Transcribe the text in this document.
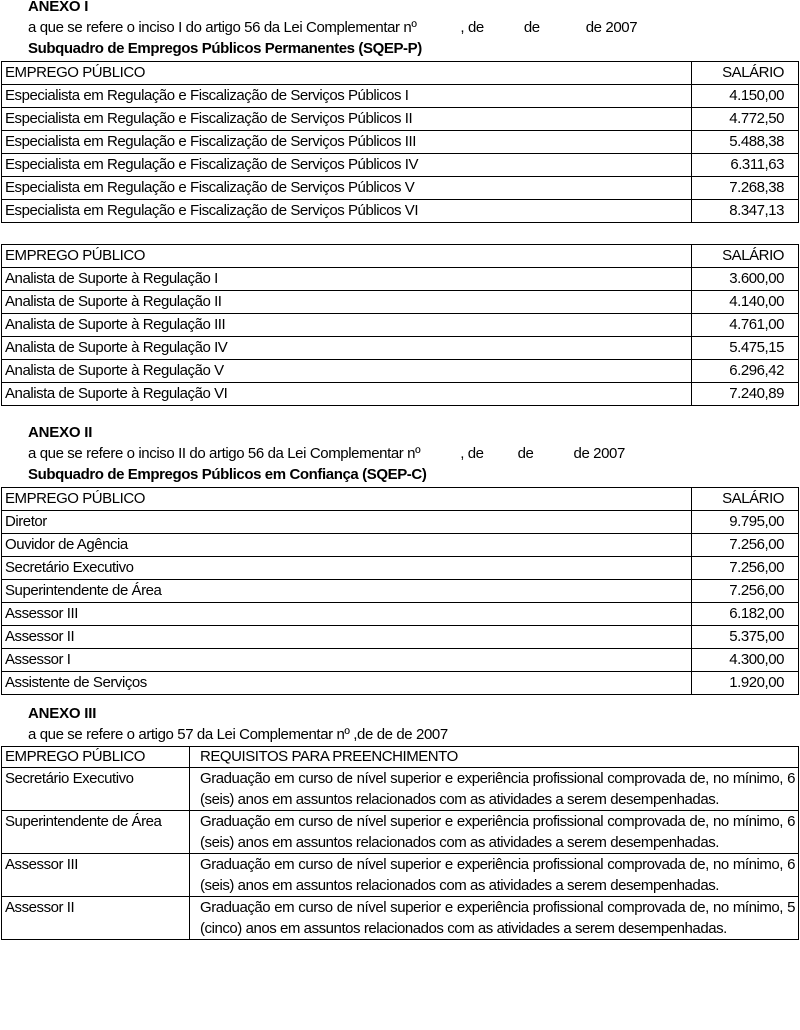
ANEXO I
a que se refere o inciso I do artigo 56 da Lei Complementar nº	, de	de	de 2007
Subquadro de Empregos Públicos Permanentes (SQEP-P)
EMPREGO PÚBLICO	SALÁRIO
Especialista em Regulação e Fiscalização de Serviços Públicos I	4.150,00
Especialista em Regulação e Fiscalização de Serviços Públicos II	4.772,50
Especialista em Regulação e Fiscalização de Serviços Públicos III	5.488,38
Especialista em Regulação e Fiscalização de Serviços Públicos IV	6.311,63
Especialista em Regulação e Fiscalização de Serviços Públicos V	7.268,38
Especialista em Regulação e Fiscalização de Serviços Públicos VI	8.347,13
EMPREGO PÚBLICO	SALÁRIO
Analista de Suporte à Regulação I	3.600,00
Analista de Suporte à Regulação II	4.140,00
Analista de Suporte à Regulação III	4.761,00
Analista de Suporte à Regulação IV	5.475,15
Analista de Suporte à Regulação V	6.296,42
Analista de Suporte à Regulação VI	7.240,89
ANEXO II
a que se refere o inciso II do artigo 56 da Lei Complementar nº	, de de	de 2007
Subquadro de Empregos Públicos em Confiança (SQEP-C)
EMPREGO PÚBLICO	SALÁRIO
Diretor	9.795,00
Ouvidor de Agência	7.256,00
Secretário Executivo	7.256,00
Superintendente de Área	7.256,00
Assessor III	6.182,00
Assessor II	5.375,00
Assessor I	4.300,00
Assistente de Serviços	1.920,00
ANEXO III
a que se refere o artigo 57 da Lei Complementar nº ,de de de 2007
EMPREGO PÚBLICO	REQUISITOS PARA PREENCHIMENTO
Secretário Executivo	Graduação em curso de nível superior e experiência profissional comprovada de, no mínimo, 6 (seis) anos em assuntos relacionados com as atividades a serem desempenhadas.
Superintendente de Área	Graduação em curso de nível superior e experiência profissional comprovada de, no mínimo, 6 (seis) anos em assuntos relacionados com as atividades a serem desempenhadas.
Assessor III	Graduação em curso de nível superior e experiência profissional comprovada de, no mínimo, 6 (seis) anos em assuntos relacionados com as atividades a serem desempenhadas.
Assessor II	Graduação em curso de nível superior e experiência profissional comprovada de, no mínimo, 5 (cinco) anos em assuntos relacionados com as atividades a serem desempenhadas.
